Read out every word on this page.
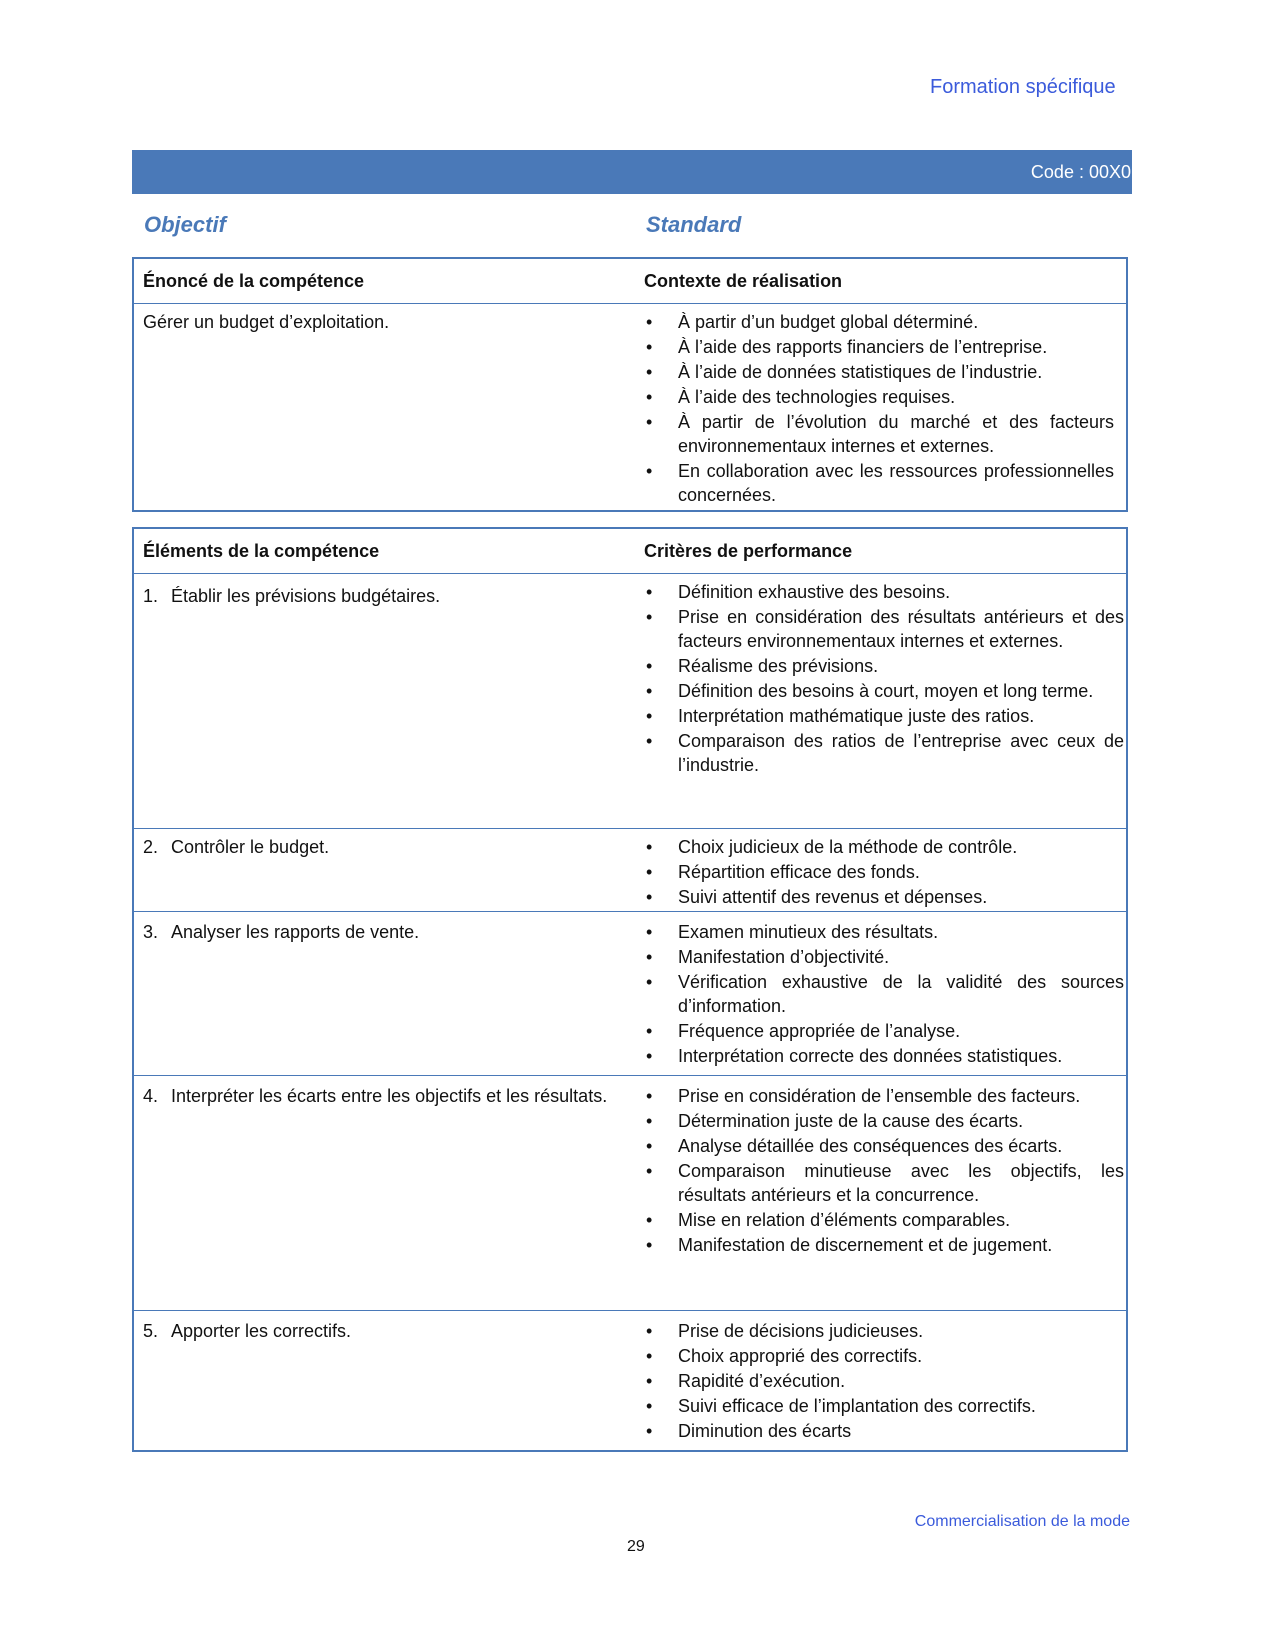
Formation spécifique
Code : 00X0
Objectif	Standard
Énoncé de la compétence	Contexte de réalisation
Gérer un budget d’exploitation.	• À partir d’un budget global déterminé.
• À l’aide des rapports financiers de l’entreprise.
• À l’aide de données statistiques de l’industrie.
• À l’aide des technologies requises.
• À partir de l’évolution du marché et des facteurs environnementaux internes et externes.
• En collaboration avec les ressources professionnelles concernées.
Éléments de la compétence	Critères de performance
1. Établir les prévisions budgétaires.	• Définition exhaustive des besoins.
• Prise en considération des résultats antérieurs et des facteurs environnementaux internes et externes.
• Réalisme des prévisions.
• Définition des besoins à court, moyen et long terme.
• Interprétation mathématique juste des ratios.
• Comparaison des ratios de l’entreprise avec ceux de l’industrie.
2. Contrôler le budget.	• Choix judicieux de la méthode de contrôle.
• Répartition efficace des fonds.
• Suivi attentif des revenus et dépenses.
3. Analyser les rapports de vente.	• Examen minutieux des résultats.
• Manifestation d’objectivité.
• Vérification exhaustive de la validité des sources d’information.
• Fréquence appropriée de l’analyse.
• Interprétation correcte des données statistiques.
4. Interpréter les écarts entre les objectifs et les résultats.	• Prise en considération de l’ensemble des facteurs.
• Détermination juste de la cause des écarts.
• Analyse détaillée des conséquences des écarts.
• Comparaison minutieuse avec les objectifs, les résultats antérieurs et la concurrence.
• Mise en relation d’éléments comparables.
• Manifestation de discernement et de jugement.
5. Apporter les correctifs.	• Prise de décisions judicieuses.
• Choix approprié des correctifs.
• Rapidité d’exécution.
• Suivi efficace de l’implantation des correctifs.
• Diminution des écarts
Commercialisation de la mode
29
